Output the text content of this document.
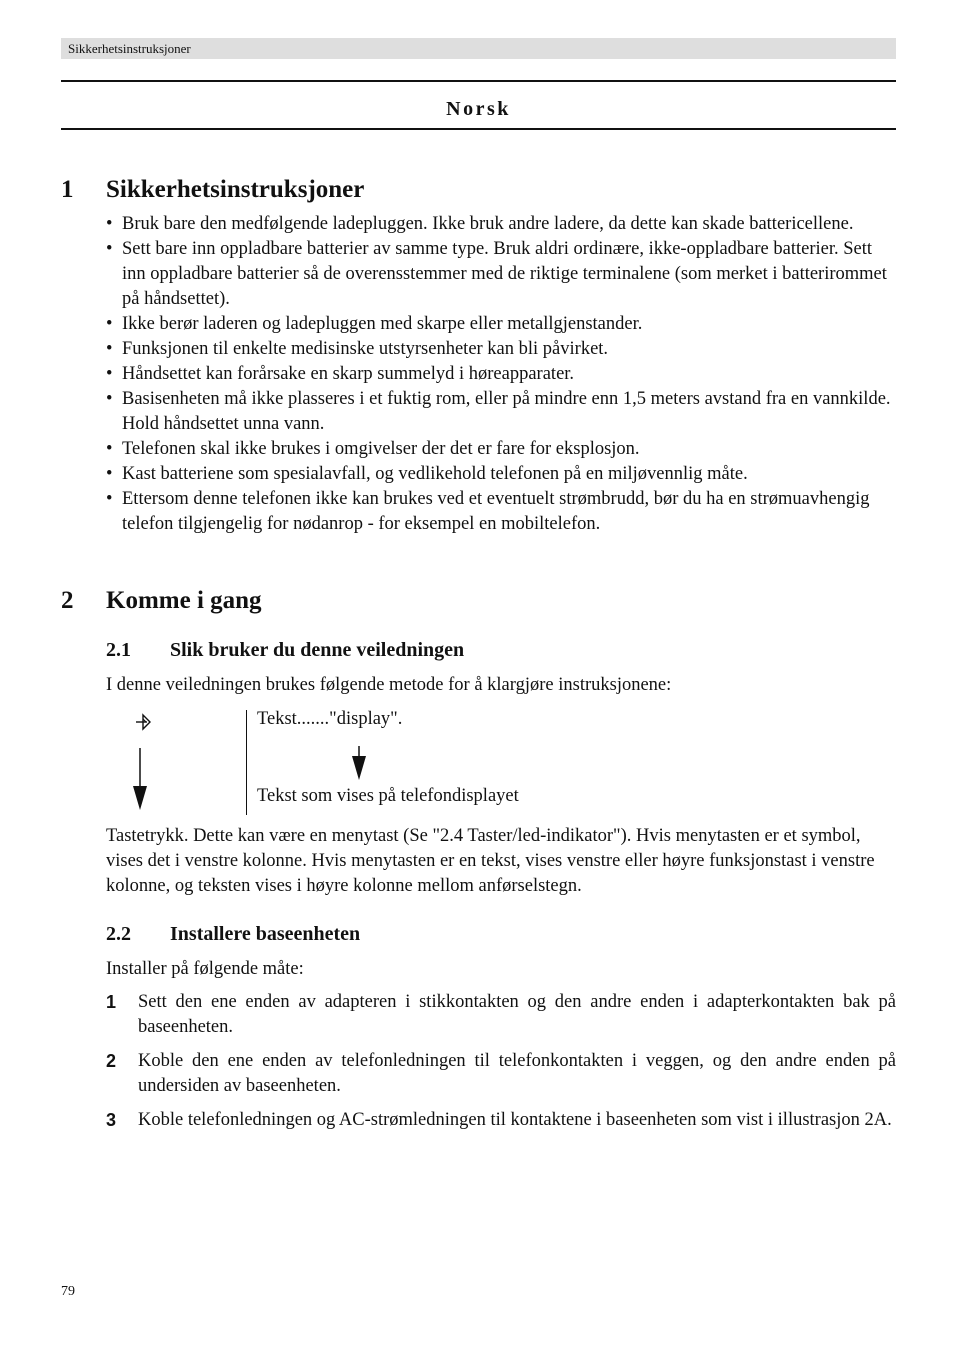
Sikkerhetsinstruksjoner
Norsk
1 Sikkerhetsinstruksjoner
• Bruk bare den medfølgende ladepluggen. Ikke bruk andre ladere, da dette kan skade battericellene.
• Sett bare inn oppladbare batterier av samme type. Bruk aldri ordinære, ikke-oppladbare batterier. Sett inn oppladbare batterier så de overensstemmer med de riktige terminalene (som merket i batterirommet på håndsettet).
• Ikke berør laderen og ladepluggen med skarpe eller metallgjenstander.
• Funksjonen til enkelte medisinske utstyrsenheter kan bli påvirket.
• Håndsettet kan forårsake en skarp summelyd i høreapparater.
• Basisenheten må ikke plasseres i et fuktig rom, eller på mindre enn 1,5 meters avstand fra en vannkilde. Hold håndsettet unna vann.
• Telefonen skal ikke brukes i omgivelser der det er fare for eksplosjon.
• Kast batteriene som spesialavfall, og vedlikehold telefonen på en miljøvennlig måte.
• Ettersom denne telefonen ikke kan brukes ved et eventuelt strømbrudd, bør du ha en strømuavhengig telefon tilgjengelig for nødanrop - for eksempel en mobiltelefon.
2 Komme i gang
2.1 Slik bruker du denne veiledningen
I denne veiledningen brukes følgende metode for å klargjøre instruksjonene:
Tekst......."display".
Tekst som vises på telefondisplayet
Tastetrykk. Dette kan være en menytast (Se "2.4 Taster/led-indikator"). Hvis menytasten er et symbol, vises det i venstre kolonne. Hvis menytasten er en tekst, vises venstre eller høyre funksjonstast i venstre kolonne, og teksten vises i høyre kolonne mellom anførselstegn.
2.2 Installere baseenheten
Installer på følgende måte:
1 Sett den ene enden av adapteren i stikkontakten og den andre enden i adapterkontakten bak på baseenheten.
2 Koble den ene enden av telefonledningen til telefonkontakten i veggen, og den andre enden på undersiden av baseenheten.
3 Koble telefonledningen og AC-strømledningen til kontaktene i baseenheten som vist i illustrasjon 2A.
79
